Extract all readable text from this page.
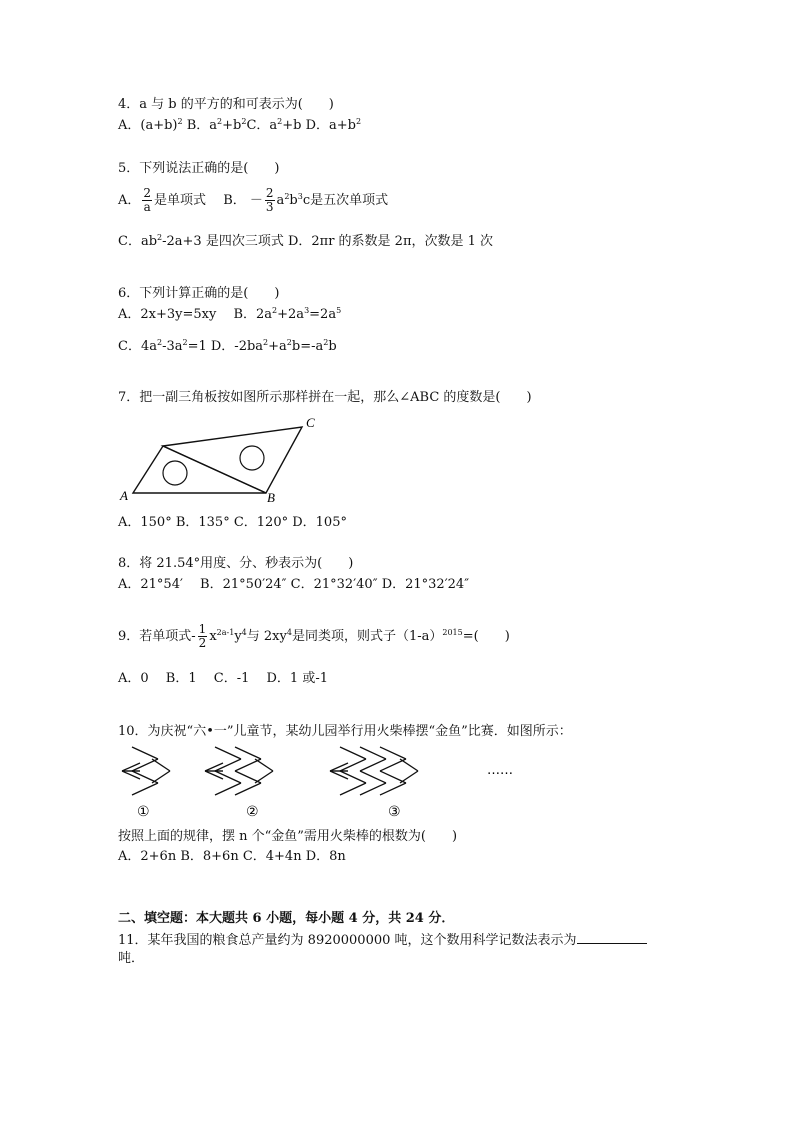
4．a 与 b 的平方的和可表示为(　　)
A．$(a+b)^2$ B．$a^2+b^2C$．$a^2+b$ D．$a+b^2$
5．下列说法正确的是(　　)
A． $\frac{2}{a}$ 是单项式　 B． － $\frac{2}{3} a^2b^3c$是五次单项式
C．$ab^2-2a+3$ 是四次三项式 D．2πr 的系数是 2π，次数是 1 次
6．下列计算正确的是(　　)
A．2x+3y=5xy　 B．$2a^2+2a^3=2a^5$
C．$4a^2-3a^2=1$ D．$-2ba^2+a^2b=-a^2b$
7．把一副三角板按如图所示那样拼在一起，那么∠ABC 的度数是(　　)
A	B
C
A．150° B．135° C．120° D．105°
8．将 21.54°用度、分、秒表示为(　　)
A．21°54′　 B．21°50′24″ C．21°32′40″ D．21°32′24″
9．若单项式- $\frac{1}{2} x^{2a-1}y^4$与 $2xy^4$是同类项，则式子$(1-a)^{2015}=$(　　)
A．0　 B．1　 C．-1　 D．1 或-1
10．为庆祝“六•一”儿童节，某幼儿园举行用火柴棒摆“金鱼”比赛．如图所示：
①	②	③
……
按照上面的规律，摆 n 个“金鱼”需用火柴棒的根数为(　　)
A．2+6n B．8+6n C．4+4n D．8n
二、填空题：本大题共 6 小题，每小题 4 分，共 24 分．
11．某年我国的粮食总产量约为 8920000000 吨，这个数用科学记数法表示为
吨．
